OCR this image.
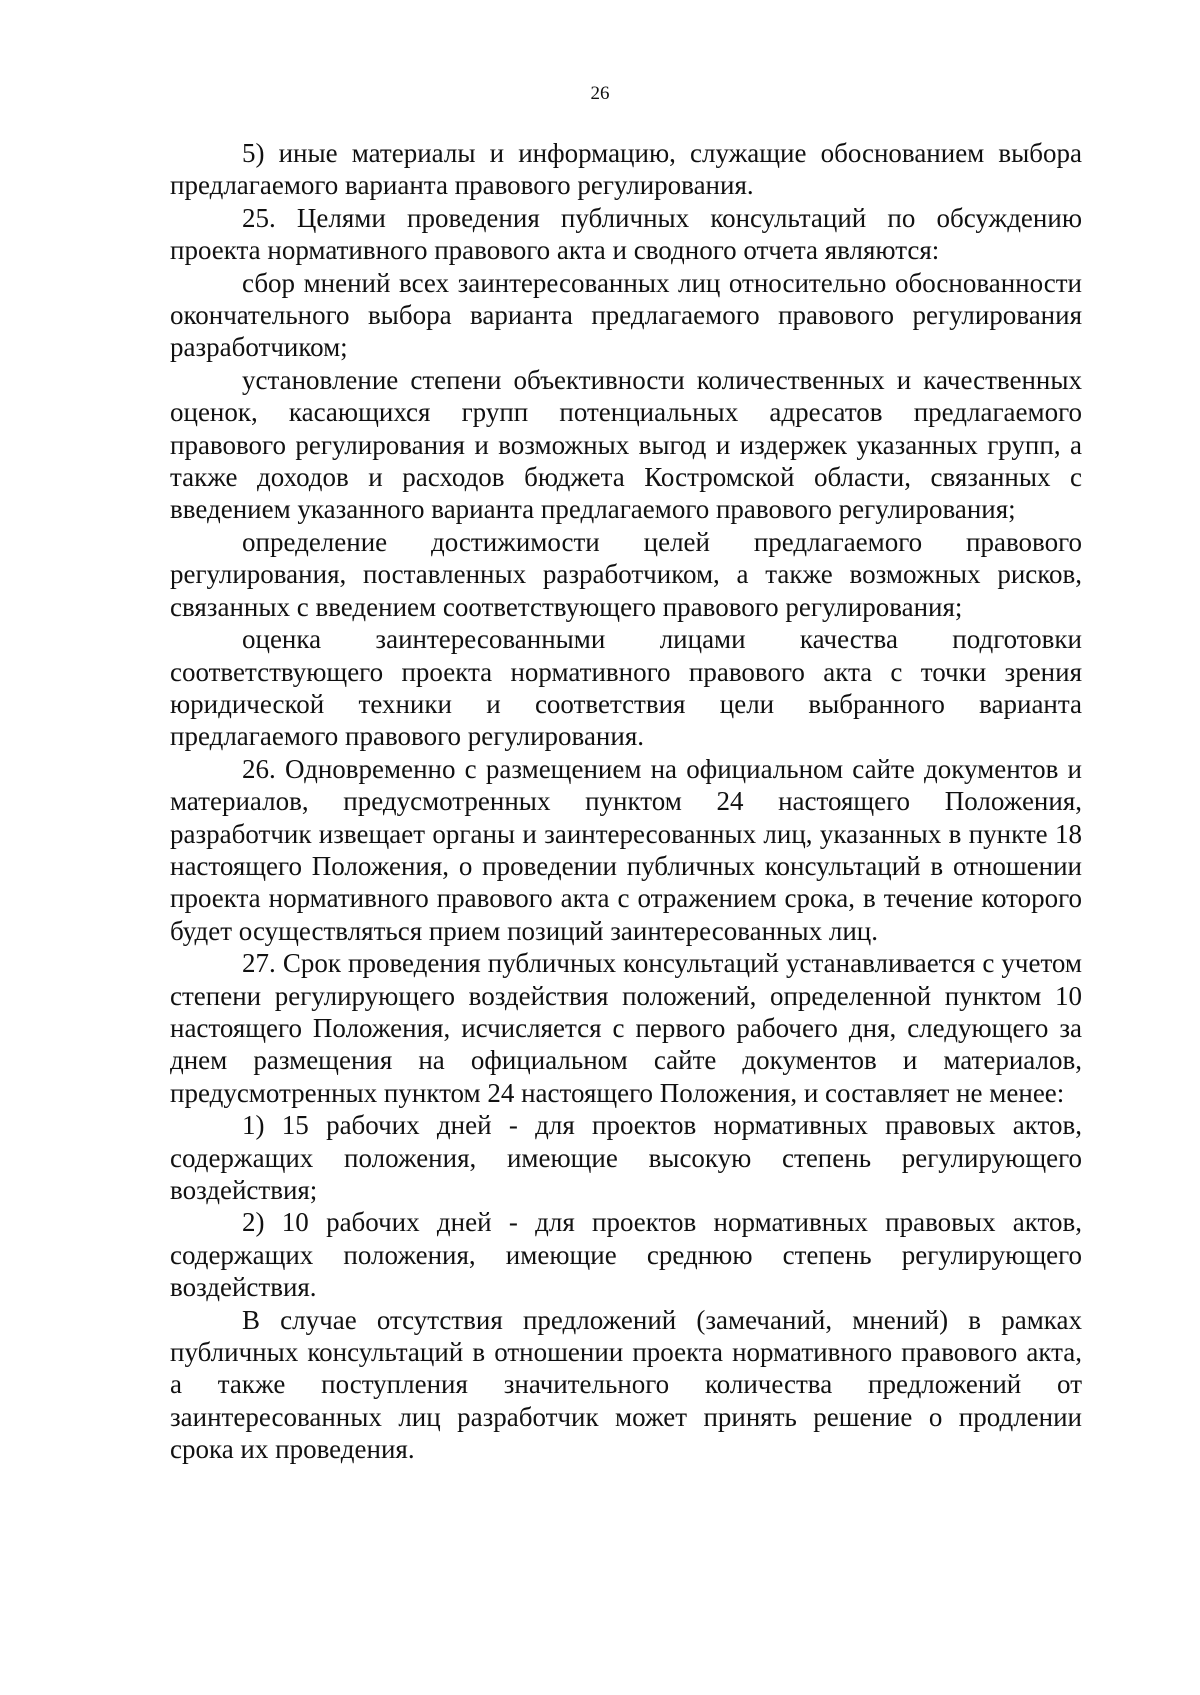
26

5) иные материалы и информацию, служащие обоснованием выбора предлагаемого варианта правового регулирования.

25. Целями проведения публичных консультаций по обсуждению проекта нормативного правового акта и сводного отчета являются:

сбор мнений всех заинтересованных лиц относительно обоснованности окончательного выбора варианта предлагаемого правового регулирования разработчиком;

установление степени объективности количественных и качественных оценок, касающихся групп потенциальных адресатов предлагаемого правового регулирования и возможных выгод и издержек указанных групп, а также доходов и расходов бюджета Костромской области, связанных с введением указанного варианта предлагаемого правового регулирования;

определение достижимости целей предлагаемого правового регулирования, поставленных разработчиком, а также возможных рисков, связанных с введением соответствующего правового регулирования;

оценка заинтересованными лицами качества подготовки соответствующего проекта нормативного правового акта с точки зрения юридической техники и соответствия цели выбранного варианта предлагаемого правового регулирования.

26. Одновременно с размещением на официальном сайте документов и материалов, предусмотренных пунктом 24 настоящего Положения, разработчик извещает органы и заинтересованных лиц, указанных в пункте 18 настоящего Положения, о проведении публичных консультаций в отношении проекта нормативного правового акта с отражением срока, в течение которого будет осуществляться прием позиций заинтересованных лиц.

27. Срок проведения публичных консультаций устанавливается с учетом степени регулирующего воздействия положений, определенной пунктом 10 настоящего Положения, исчисляется с первого рабочего дня, следующего за днем размещения на официальном сайте документов и материалов, предусмотренных пунктом 24 настоящего Положения, и составляет не менее:

1) 15 рабочих дней - для проектов нормативных правовых актов, содержащих положения, имеющие высокую степень регулирующего воздействия;

2) 10 рабочих дней - для проектов нормативных правовых актов, содержащих положения, имеющие среднюю степень регулирующего воздействия.

В случае отсутствия предложений (замечаний, мнений) в рамках публичных консультаций в отношении проекта нормативного правового акта, а также поступления значительного количества предложений от заинтересованных лиц разработчик может принять решение о продлении срока их проведения.
